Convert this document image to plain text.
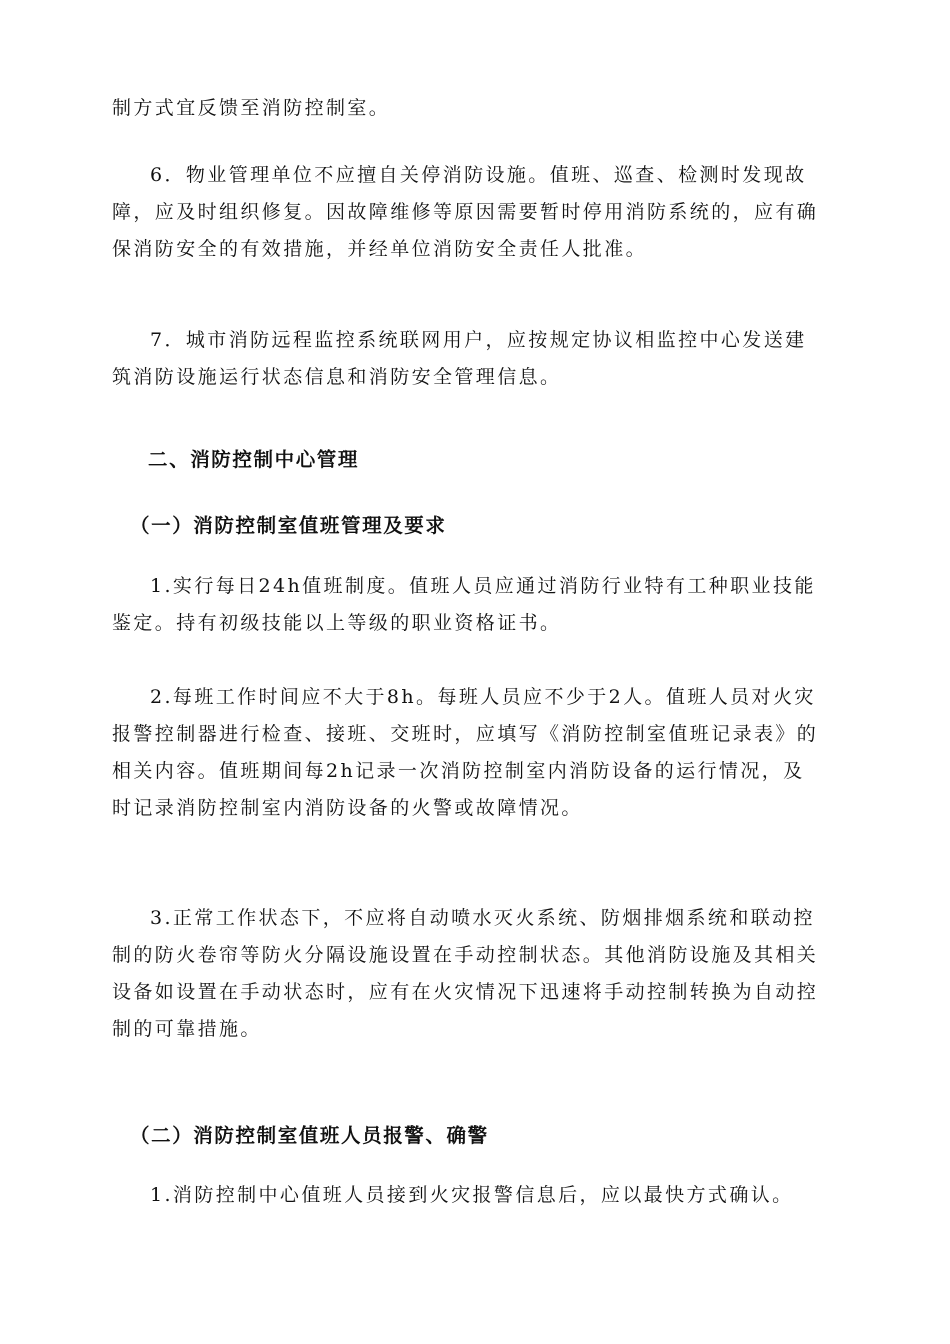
制方式宜反馈至消防控制室。

6．物业管理单位不应擅自关停消防设施。值班、巡查、检测时发现故
障，应及时组织修复。因故障维修等原因需要暂时停用消防系统的，应有确
保消防安全的有效措施，并经单位消防安全责任人批准。

7．城市消防远程监控系统联网用户，应按规定协议相监控中心发送建
筑消防设施运行状态信息和消防安全管理信息。

二、消防控制中心管理
（一）消防控制室值班管理及要求

1.实行每日24h值班制度。值班人员应通过消防行业特有工种职业技能
鉴定。持有初级技能以上等级的职业资格证书。

2.每班工作时间应不大于8h。每班人员应不少于2人。值班人员对火灾
报警控制器进行检查、接班、交班时，应填写《消防控制室值班记录表》的
相关内容。值班期间每2h记录一次消防控制室内消防设备的运行情况，及
时记录消防控制室内消防设备的火警或故障情况。

3.正常工作状态下，不应将自动喷水灭火系统、防烟排烟系统和联动控
制的防火卷帘等防火分隔设施设置在手动控制状态。其他消防设施及其相关
设备如设置在手动状态时，应有在火灾情况下迅速将手动控制转换为自动控
制的可靠措施。

（二）消防控制室值班人员报警、确警

1.消防控制中心值班人员接到火灾报警信息后，应以最快方式确认。
